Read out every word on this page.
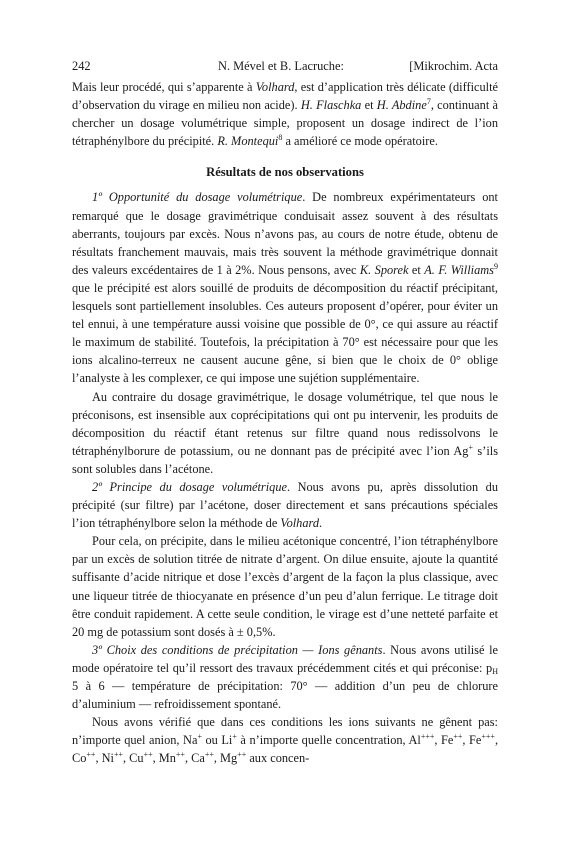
242	N. Mével et B. Lacruche:	[Mikrochim. Acta

Mais leur procédé, qui s’apparente à Volhard, est d’application très délicate (difficulté d’observation du virage en milieu non acide). H. Flaschka et H. Abdine$^7$, continuant à chercher un dosage volumétrique simple, proposent un dosage indirect de l’ion tétraphénylbore du précipité. R. Montequi$^8$ a amélioré ce mode opératoire.

Résultats de nos observations

1º Opportunité du dosage volumétrique. De nombreux expérimentateurs ont remarqué que le dosage gravimétrique conduisait assez souvent à des résultats aberrants, toujours par excès. Nous n’avons pas, au cours de notre étude, obtenu de résultats franchement mauvais, mais très souvent la méthode gravimétrique donnait des valeurs excédentaires de 1 à 2%. Nous pensons, avec K. Sporek et A. F. Williams$^9$ que le précipité est alors souillé de produits de décomposition du réactif précipitant, lesquels sont partiellement insolubles. Ces auteurs proposent d’opérer, pour éviter un tel ennui, à une température aussi voisine que possible de 0°, ce qui assure au réactif le maximum de stabilité. Toutefois, la précipitation à 70° est nécessaire pour que les ions alcalino-terreux ne causent aucune gêne, si bien que le choix de 0° oblige l’analyste à les complexer, ce qui impose une sujétion supplémentaire.

Au contraire du dosage gravimétrique, le dosage volumétrique, tel que nous le préconisons, est insensible aux coprécipitations qui ont pu intervenir, les produits de décomposition du réactif étant retenus sur filtre quand nous redissolvons le tétraphénylborure de potassium, ou ne donnant pas de précipité avec l’ion Ag+ s’ils sont solubles dans l’acétone.

2º Principe du dosage volumétrique. Nous avons pu, après dissolution du précipité (sur filtre) par l’acétone, doser directement et sans précautions spéciales l’ion tétraphénylbore selon la méthode de Volhard.

Pour cela, on précipite, dans le milieu acétonique concentré, l’ion tétraphénylbore par un excès de solution titrée de nitrate d’argent. On dilue ensuite, ajoute la quantité suffisante d’acide nitrique et dose l’excès d’argent de la façon la plus classique, avec une liqueur titrée de thiocyanate en présence d’un peu d’alun ferrique. Le titrage doit être conduit rapidement. A cette seule condition, le virage est d’une netteté parfaite et 20 mg de potassium sont dosés à ± 0,5%.

3º Choix des conditions de précipitation — Ions gênants. Nous avons utilisé le mode opératoire tel qu’il ressort des travaux précédemment cités et qui préconise: $p_H$ 5 à 6 — température de précipitation: 70° — addition d’un peu de chlorure d’aluminium — refroidissement spontané.

Nous avons vérifié que dans ces conditions les ions suivants ne gênent pas: n’importe quel anion, Na+ ou Li+ à n’importe quelle concentration, Al+++, Fe++, Fe+++, Co++, Ni++, Cu++, Mn++, Ca++, Mg++ aux concen-
